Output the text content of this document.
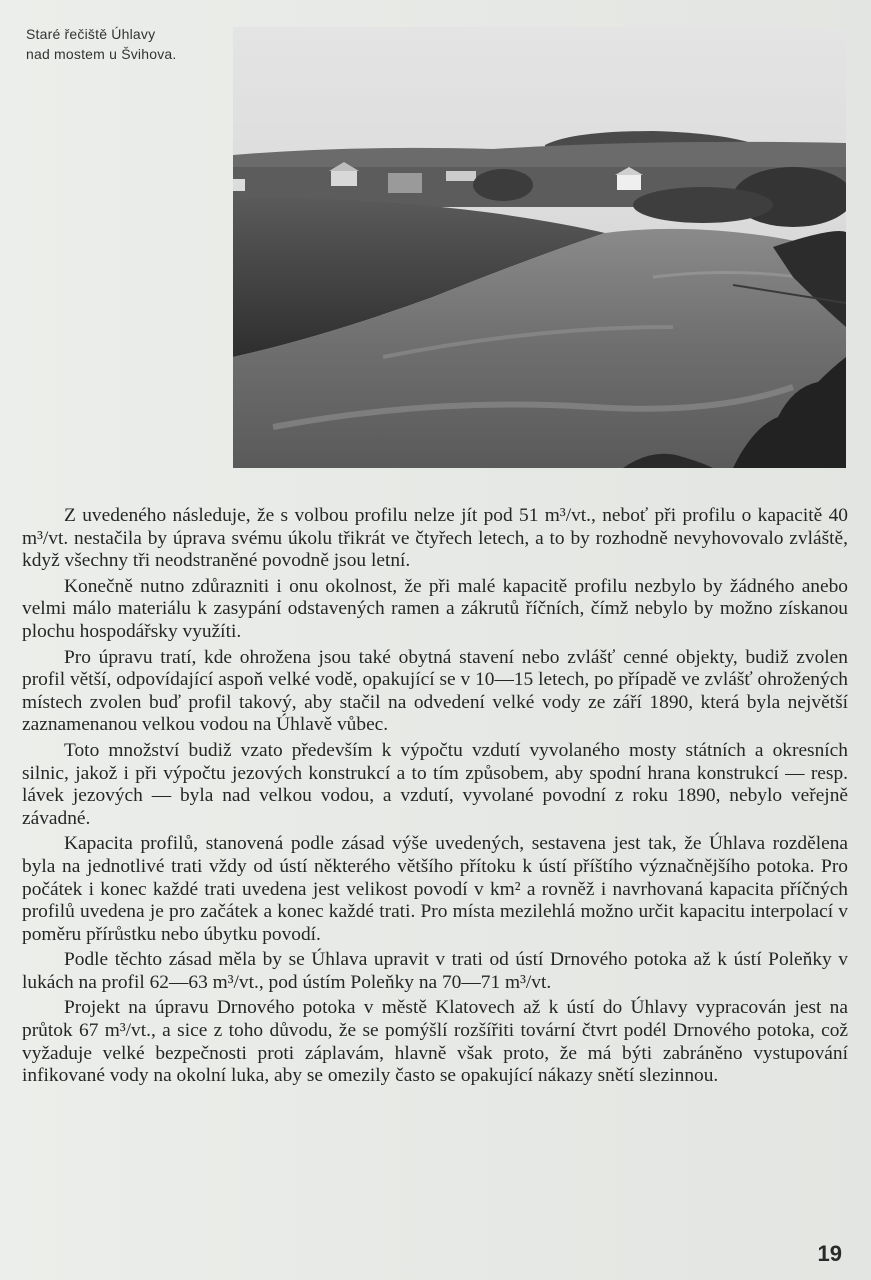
Staré řečiště Úhlavy
nad mostem u Švihova.

Z uvedeného následuje, že s volbou profilu nelze jít pod 51 m³/vt., neboť při profilu o kapacitě 40 m³/vt. nestačila by úprava svému úkolu třikrát ve čtyřech letech, a to by rozhodně nevyhovovalo zvláště, když všechny tři neodstraněné povodně jsou letní.

Konečně nutno zdůrazniti i onu okolnost, že při malé kapacitě profilu nezbylo by žádného anebo velmi málo materiálu k zasypání odstavených ramen a zákrutů říčních, čímž nebylo by možno získanou plochu hospodářsky využíti.

Pro úpravu tratí, kde ohrožena jsou také obytná stavení nebo zvlášť cenné objekty, budiž zvolen profil větší, odpovídající aspoň velké vodě, opakující se v 10—15 letech, po případě ve zvlášť ohrožených místech zvolen buď profil takový, aby stačil na odvedení velké vody ze září 1890, která byla největší zaznamenanou velkou vodou na Úhlavě vůbec.

Toto množství budiž vzato především k výpočtu vzdutí vyvolaného mosty státních a okresních silnic, jakož i při výpočtu jezových konstrukcí a to tím způsobem, aby spodní hrana konstrukcí — resp. lávek jezových — byla nad velkou vodou, a vzdutí, vyvolané povodní z roku 1890, nebylo veřejně závadné.

Kapacita profilů, stanovená podle zásad výše uvedených, sestavena jest tak, že Úhlava rozdělena byla na jednotlivé trati vždy od ústí některého většího přítoku k ústí příštího význačnějšího potoka. Pro počátek i konec každé trati uvedena jest velikost povodí v km² a rovněž i navrhovaná kapacita příčných profilů uvedena je pro začátek a konec každé trati. Pro místa mezilehlá možno určit kapacitu interpolací v poměru přírůstku nebo úbytku povodí.

Podle těchto zásad měla by se Úhlava upravit v trati od ústí Drnového potoka až k ústí Poleňky v lukách na profil 62—63 m³/vt., pod ústím Poleňky na 70—71 m³/vt.

Projekt na úpravu Drnového potoka v městě Klatovech až k ústí do Úhlavy vypracován jest na průtok 67 m³/vt., a sice z toho důvodu, že se pomýšlí rozšířiti tovární čtvrt podél Drnového potoka, což vyžaduje velké bezpečnosti proti záplavám, hlavně však proto, že má býti zabráněno vystupování infikované vody na okolní luka, aby se omezily často se opakující nákazy snětí slezinnou.

19
